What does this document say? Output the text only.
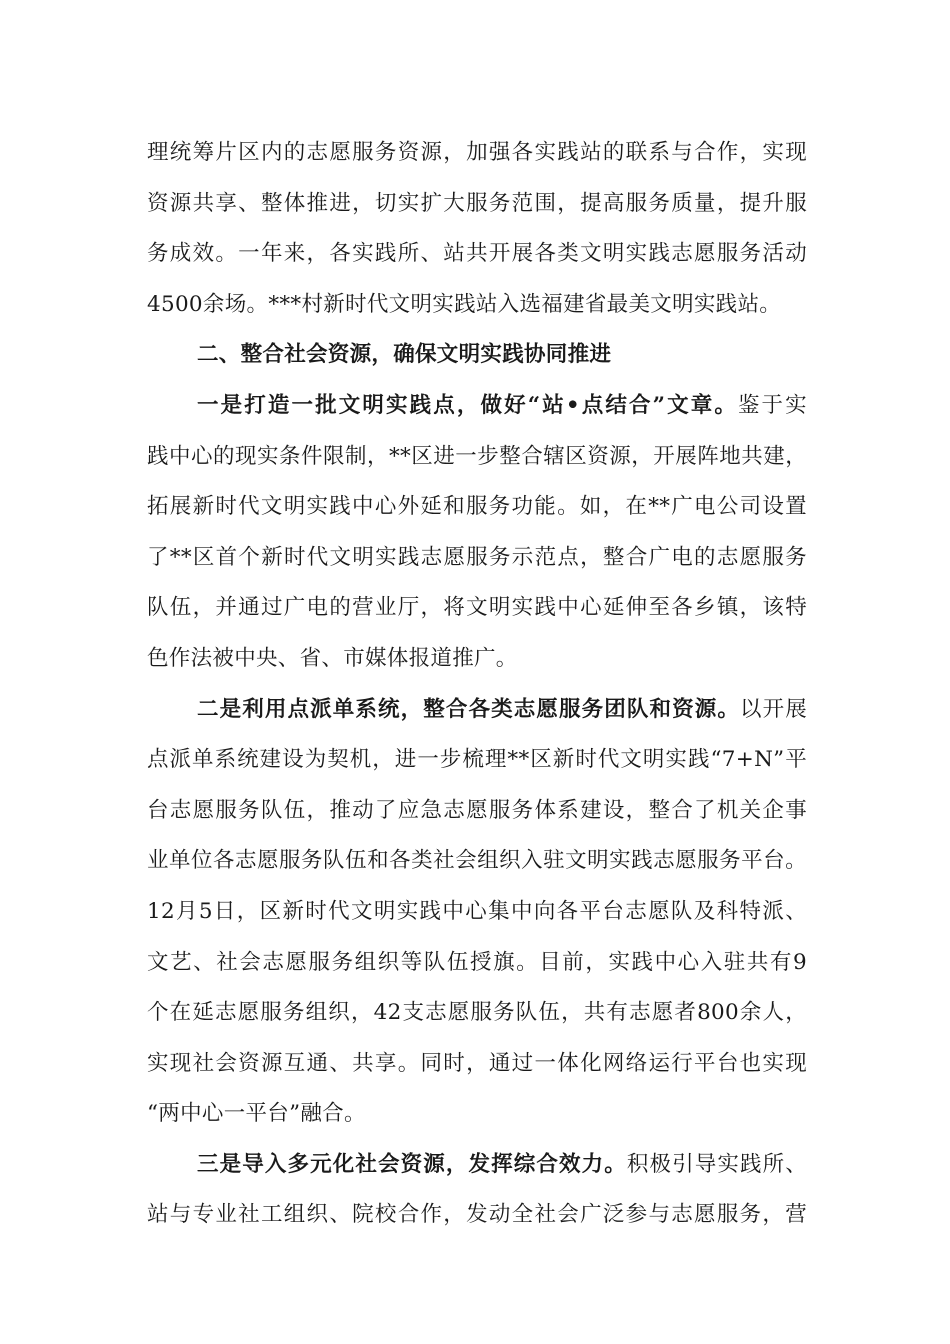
理统筹片区内的志愿服务资源，加强各实践站的联系与合作，实现
资源共享、整体推进，切实扩大服务范围，提高服务质量，提升服
务成效。一年来，各实践所、站共开展各类文明实践志愿服务活动
4500余场。***村新时代文明实践站入选福建省最美文明实践站。
二、整合社会资源，确保文明实践协同推进
一是打造一批文明实践点，做好“站•点结合”文章。鉴于实
践中心的现实条件限制，**区进一步整合辖区资源，开展阵地共建，
拓展新时代文明实践中心外延和服务功能。如，在**广电公司设置
了**区首个新时代文明实践志愿服务示范点，整合广电的志愿服务
队伍，并通过广电的营业厅，将文明实践中心延伸至各乡镇，该特
色作法被中央、省、市媒体报道推广。
二是利用点派单系统，整合各类志愿服务团队和资源。以开展
点派单系统建设为契机，进一步梳理**区新时代文明实践“7+N”平
台志愿服务队伍，推动了应急志愿服务体系建设，整合了机关企事
业单位各志愿服务队伍和各类社会组织入驻文明实践志愿服务平台。
12月5日，区新时代文明实践中心集中向各平台志愿队及科特派、
文艺、社会志愿服务组织等队伍授旗。目前，实践中心入驻共有9
个在延志愿服务组织，42支志愿服务队伍，共有志愿者800余人，
实现社会资源互通、共享。同时，通过一体化网络运行平台也实现
“两中心一平台”融合。
三是导入多元化社会资源，发挥综合效力。积极引导实践所、
站与专业社工组织、院校合作，发动全社会广泛参与志愿服务，营
